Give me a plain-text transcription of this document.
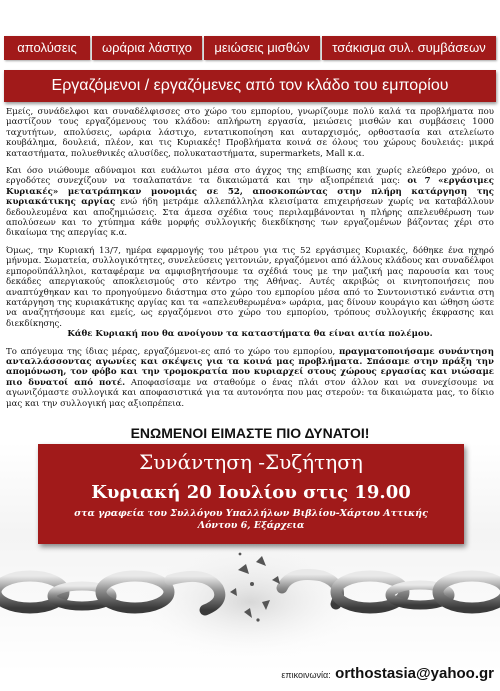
απολύσεις	ωράρια λάστιχο	μειώσεις μισθών	τσάκισμα συλ. συμβάσεων
Εργαζόμενοι / εργαζόμενες από τον κλάδο του εμπορίου

Εμείς, συνάδελφοι και συναδέλφισσες στο χώρο του εμπορίου, γνωρίζουμε πολύ καλά τα προβλήματα που μαστίζουν τους εργαζόμενους του κλάδου: απλήρωτη εργασία, μειώσεις μισθών και συμβάσεις 1000 ταχυτήτων, απολύσεις, ωράρια λάστιχο, εντατικοποίηση και αυταρχισμός, ορθοστασία και ατελείωτο κουβάλημα, δουλειά, πλέον, και τις Κυριακές! Προβλήματα κοινά σε όλους του χώρους δουλειάς: μικρά καταστήματα, πολυεθνικές αλυσίδες, πολυκαταστήματα, supermarkets, Mall κ.α.

Και όσο νιώθουμε αδύναμοι και ευάλωτοι μέσα στο άγχος της επιβίωσης και χωρίς ελεύθερο χρόνο, οι εργοδότες συνεχίζουν να τσαλαπατάνε τα δικαιώματά και την αξιοπρέπειά μας: οι 7 «εργάσιμες Κυριακές» μετατράπηκαν μονομιάς σε 52, αποσκοπώντας στην πλήρη κατάργηση της κυριακάτικης αργίας ενώ ήδη μετράμε αλλεπάλληλα κλεισίματα επιχειρήσεων χωρίς να καταβάλλουν δεδουλευμένα και αποζημιώσεις. Στα άμεσα σχέδια τους περιλαμβάνονται η πλήρης απελευθέρωση των απολύσεων και το χτύπημα κάθε μορφής συλλογικής διεκδίκησης των εργαζομένων βάζοντας χέρι στο δικαίωμα της απεργίας κ.α.

Όμως, την Κυριακή 13/7, ημέρα εφαρμογής του μέτρου για τις 52 εργάσιμες Κυριακές, δόθηκε ένα ηχηρό μήνυμα. Σωματεία, συλλογικότητες, συνελεύσεις γειτονιών, εργαζόμενοι από άλλους κλάδους και συναδέλφοι εμποροϋπάλληλοι, καταφέραμε να αμφισβητήσουμε τα σχέδιά τους με την μαζική μας παρουσία και τους δεκάδες απεργιακούς αποκλεισμούς στο κέντρο της Αθήνας. Αυτές ακριβώς οι κινητοποιήσεις που αναπτύχθηκαν και το προηγούμενο διάστημα στο χώρο του εμπορίου μέσα από το Συντονιστικό ενάντια στη κατάργηση της κυριακάτικης αργίας και τα «απελευθερωμένα» ωράρια, μας δίνουν κουράγιο και ώθηση ώστε να αναζητήσουμε και εμείς, ως εργαζόμενοι στο χώρο του εμπορίου, τρόπους συλλογικής έκφρασης και διεκδίκησης.

Κάθε Κυριακή που θα ανοίγουν τα καταστήματα θα είναι αιτία πολέμου.

Το απόγευμα της ίδιας μέρας, εργαζόμενοι-ες από το χώρο του εμπορίου, πραγματοποιήσαμε συνάντηση ανταλλάσσοντας αγωνίες και σκέψεις για τα κοινά μας προβλήματα. Σπάσαμε στην πράξη την απομόνωση, τον φόβο και την τρομοκρατία που κυριαρχεί στους χώρους εργασίας και νιώσαμε πιο δυνατοί από ποτέ. Αποφασίσαμε να σταθούμε ο ένας πλάι στον άλλον και να συνεχίσουμε να αγωνιζόμαστε συλλογικά και αποφασιστικά για τα αυτονόητα που μας στερούν: τα δικαιώματα μας, το δίκιο μας και την συλλογική μας αξιοπρέπεια.

ΕΝΩΜΕΝΟΙ ΕΙΜΑΣΤΕ ΠΙΟ ΔΥΝΑΤΟΙ!
Συνάντηση -Συζήτηση
Κυριακή 20 Ιουλίου στις 19.00
στα γραφεία του Συλλόγου Υπαλλήλων Βιβλίου-Χάρτου Αττικής
Λόντου 6, Εξάρχεια
επικοινωνία: orthostasia@yahoo.gr
